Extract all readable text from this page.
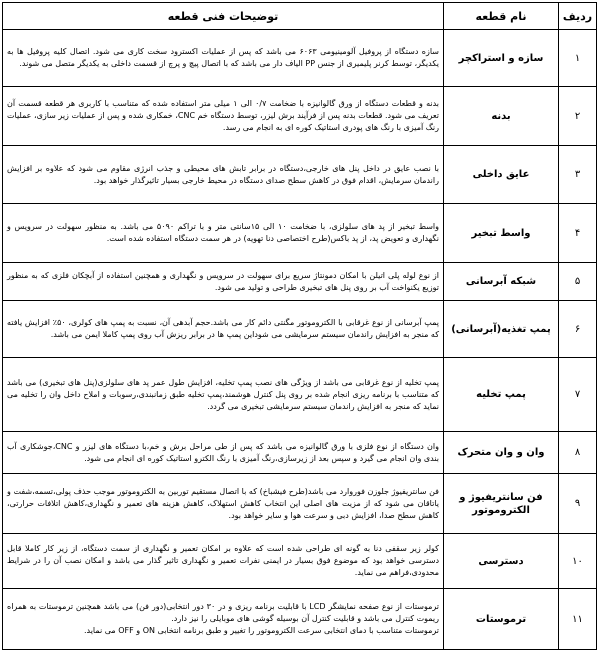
ردیف	نام قطعه	توضیحات فنی قطعه
۱	سازه و استراکچر	سازه دستگاه از پروفیل آلومینیومی ۶۰۶۳ می باشد که پس از عملیات اکسترود سخت کاری می شود. اتصال کلیه پروفیل ها به یکدیگر، توسط کرنر پلیمیری از جنس PP الیاف دار می باشد که با اتصال پیچ و پرچ از قسمت داخلی به یکدیگر متصل می شوند.
۲	بدنه	بدنه و قطعات دستگاه از ورق گالوانیزه با ضخامت ۰/۷ الی ۱ میلی متر استفاده شده که متناسب با کاربری هر قطعه قسمت آن تعریف می شود. قطعات بدنه پس از فرآیند برش لیزر، توسط دستگاه خم CNC، خمکاری شده و پس از عملیات زیر سازی، عملیات رنگ آمیزی با رنگ های پودری استاتیک کوره ای به انجام می رسد.
۳	عایق داخلی	با نصب عایق در داخل پنل های خارجی،دستگاه در برابر تابش های محیطی و جذب انرژی مقاوم می شود که علاوه بر افزایش راندمان سرمایش، اقدام فوق در کاهش سطح صدای دستگاه در محیط خارجی بسیار تاثیرگذار خواهد بود.
۴	واسط تبخیر	واسط تبخیر از پد های سلولزی، با ضخامت ۱۰ الی ۱۵سانتی متر و با تراکم ۵۰۹۰ می باشد. به منظور سهولت در سرویس و نگهداری و تعویض پد، از پد باکس(طرح اختصاصی دنا تهویه) در هر سمت دستگاه استفاده شده است.
۵	شبکه آبرسانی	از نوع لوله پلی اتیلن با امکان دمونتاژ سریع برای سهولت در سرویس و نگهداری و همچنین استفاده از آبچکان فلزی که به منظور توزیع یکنواخت آب بر روی پنل های تبخیری طراحی و تولید می شود.
۶	پمپ تغذیه(آبرسانی)	پمپ آبرسانی از نوع غرقابی با الکتروموتور مگنتی دائم کار می باشد.حجم آبدهی آن، نسبت به پمپ های کولری، ۵۰٪ افزایش یافته که منجر به افزایش راندمان سیستم سرمایشی می شوداین پمپ ها در برابر ریزش آب روی پمپ کاملا ایمن می باشد.
۷	پمپ تخلیه	پمپ تخلیه از نوع غرقابی می باشد از ویژگی های نصب پمپ تخلیه، افزایش طول عمر پد های سلولزی(پنل های تبخیری) می باشد که متناسب با برنامه ریزی انجام شده بر روی پنل کنترل هوشمند،پمپ تخلیه طبق زمانبندی،رسوبات و املاح داخل وان را تخلیه می نماید که منجر به افزایش راندمان سیستم سرمایشی تبخیری می گردد.
۸	وان و وان متحرک	وان دستگاه از نوع فلزی با ورق گالوانیزه می باشد که پس از طی مراحل برش و خم،با دستگاه های لیزر و CNC،جوشکاری آب بندی وان انجام می گیرد و سپس بعد از زیرسازی،رنگ آمیزی با رنگ الکترو استاتیک کوره ای انجام می شود.
۹	فن سانتریفیوژ و الکتروموتور	فن سانتریفیوژ جلوزن فوروارد می باشد(طرح فیشباخ) که با اتصال مستقیم توربین به الکتروموتور موجب حذف پولی،تسمه،شفت و یاتاقان می شود که از مزیت های اصلی این انتخاب کاهش استهلاک، کاهش هزینه های تعمیر و نگهداری،کاهش اتلافات حرارتی، کاهش سطح صدا، افزایش دبی و سرعت هوا و سایر خواهد بود.
۱۰	دسترسی	کولر زیر سقفی دنا به گونه ای طراحی شده است که علاوه بر امکان تعمیر و نگهداری از سمت دستگاه، از زیر کار کاملا قابل دسترسی خواهد بود که موضوع فوق بسیار در ایمنی نفرات تعمیر و نگهداری تاثیر گذار می باشد و امکان نصب آن را در شرایط محدودی،فراهم می نماید.
۱۱	ترموستات	ترموستات از نوع صفحه نمایشگر LCD با قابلیت برنامه ریزی و در ۳۰ دور انتخابی(دور فن) می باشد همچنین ترموستات به همراه ریموت کنترل می باشد و قابلیت کنترل آن بوسیله گوشی های موبایلی را نیز دارد.
ترموستات متناسب با دمای انتخابی سرعت الکتروموتور را تغییر و طبق برنامه انتخابی ON و OFF می نماید.
